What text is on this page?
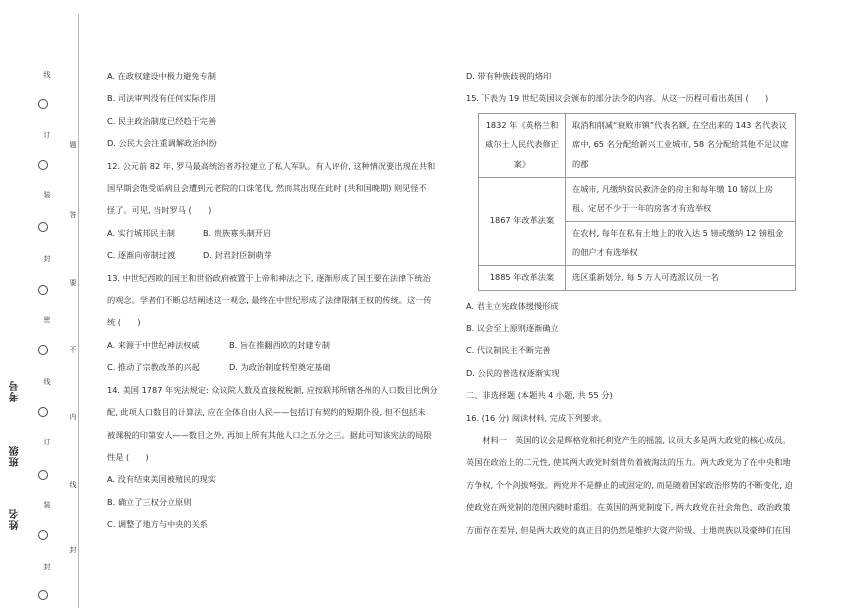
线
订
装
封
密
线
订
装
封
题
答
要
不
内
线
封
考号
班级
姓名

A. 在政权建设中极力避免专制

B. 司法审判没有任何实际作用

C. 民主政治制度已经趋于完善

D. 公民大会注重调解政治纠纷

12. 公元前 82 年, 罗马最高统治者苏拉建立了私人军队。有人评价, 这种情况要出现在共和

国早期会饱受诟病且会遭到元老院的口诛笔伐, 然而其出现在此时 (共和国晚期) 则见怪不

怪了。可见, 当时罗马 (　　)

A. 实行城邦民主制	B. 贵族寡头制开启

C. 逐渐向帝制过渡	D. 封君封臣制萌芽

13. 中世纪西欧的国王和世俗政府被置于上帝和神法之下, 逐渐形成了国王要在法律下统治

的观念。学者们不断总结阐述这一观念, 最终在中世纪形成了法律限制王权的传统。这一传

统 (　　)

A. 来源于中世纪神法权威	B. 旨在推翻西欧的封建专制

C. 推动了宗教改革的兴起	D. 为政治制度转型奠定基础

14. 美国 1787 年宪法规定: 众议院人数及直接税税额, 应按联邦所辖各州的人口数目比例分

配, 此项人口数目的计算法, 应在全体自由人民——包括订有契约的短期仆役, 但不包括未

被课税的印第安人——数目之外, 再加上所有其他人口之五分之三。据此可知该宪法的局限

性是 (　　)

A. 没有结束美国被殖民的现实

B. 确立了三权分立原则

C. 调整了地方与中央的关系

D. 带有种族歧视的烙印

15. 下表为 19 世纪英国议会颁布的部分法令的内容。从这一历程可看出英国 (　　)

1832 年《英格兰和威尔士人民代表修正案》	取消和削减“衰败市镇”代表名额, 在空出来的 143 名代表议席中, 65 名分配给新兴工业城市, 58 名分配给其他不足议席的郡
1867 年改革法案	在城市, 凡缴纳贫民救济金的房主和每年缴 10 镑以上房租、定居不少于一年的房客才有选举权
	在农村, 每年在私有土地上的收入达 5 镑或缴纳 12 镑租金的佃户才有选举权
1885 年改革法案	选区重新划分, 每 5 万人可选派议员一名

A. 君主立宪政体缓慢形成

B. 议会至上原则逐渐确立

C. 代议制民主不断完善

D. 公民的普选权逐渐实现

二、非选择题 (本题共 4 小题, 共 55 分)

16. (16 分) 阅读材料, 完成下列要求。

　　材料一　英国的议会是辉格党和托利党产生的摇篮, 议员大多是两大政党的核心成员。

英国在政治上的二元性, 使其两大政党时刻背负着被淘汰的压力。两大政党为了在中央和地

方争权, 个个剑拔弩张。两党并不是静止的或固定的, 而是随着国家政治形势的不断变化, 迫

使政党在两党制的范围内随时重组。在英国的两党制度下, 两大政党在社会角色、政治政策

方面存在差异, 但是两大政党的真正目的仍然是维护大资产阶级、土地贵族以及豪绅们在国
